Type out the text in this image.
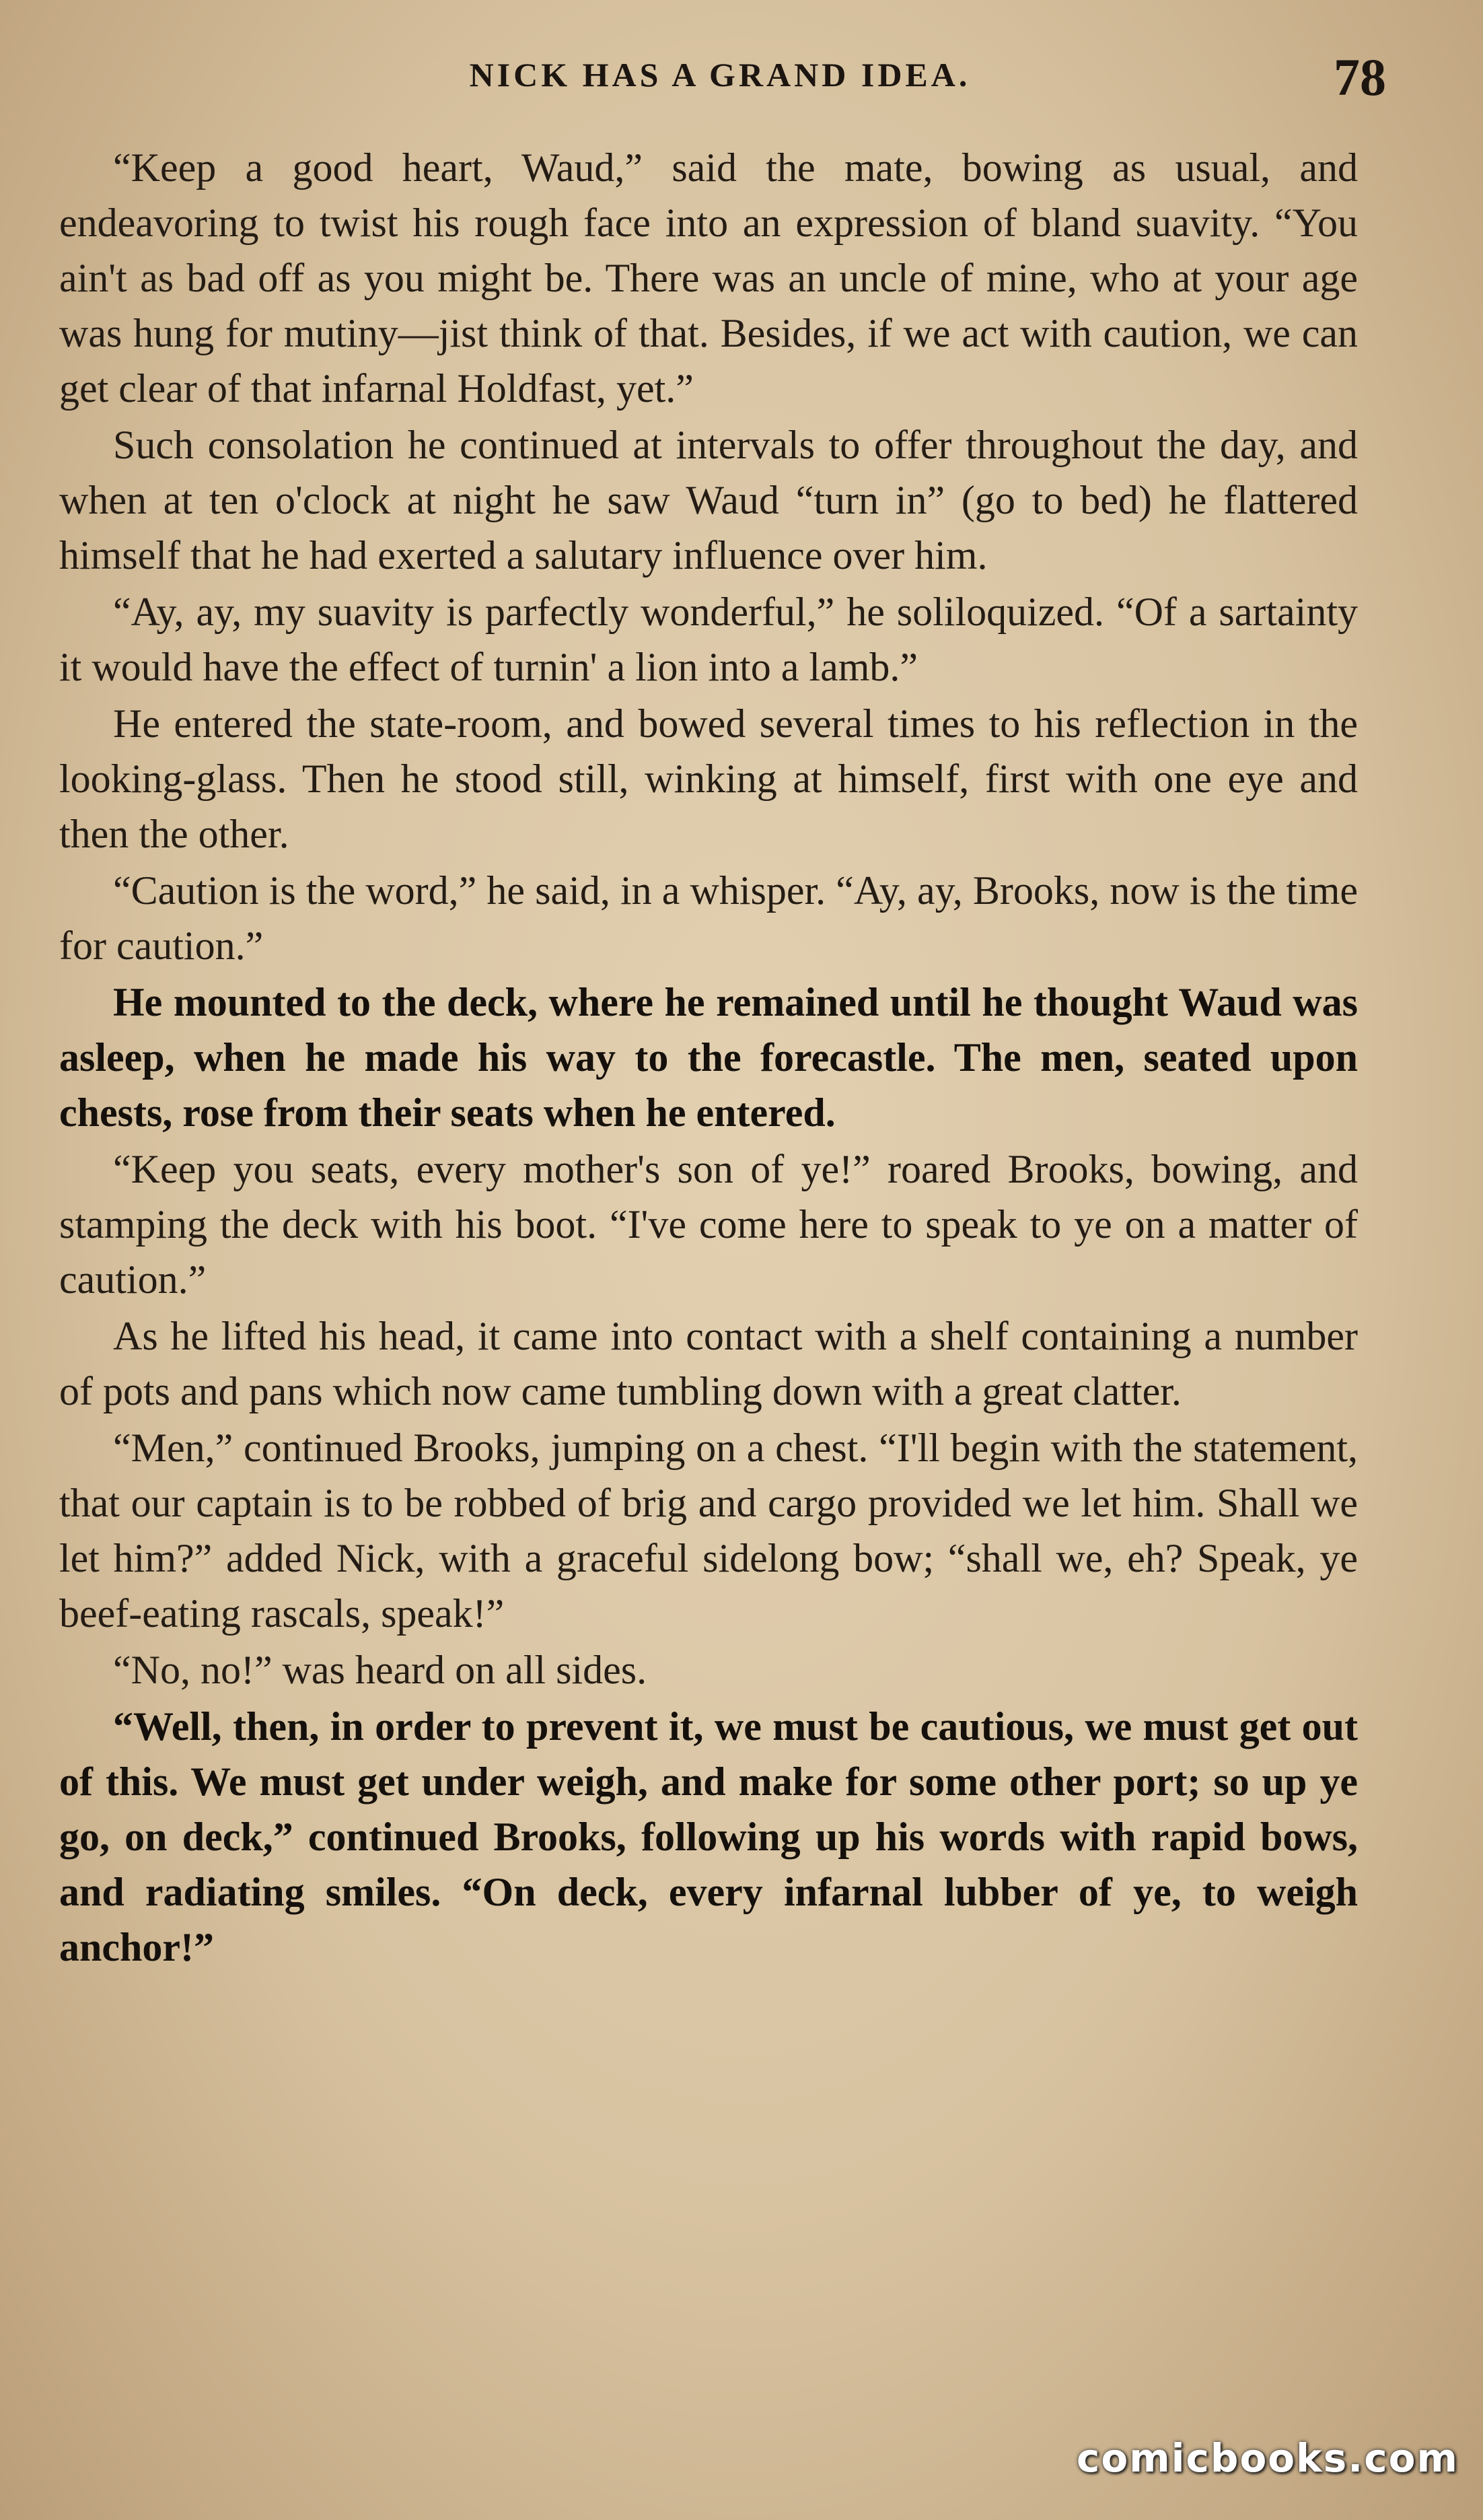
NICK HAS A GRAND IDEA.	78

“Keep a good heart, Waud,” said the mate, bowing as usual, and endeavoring to twist his rough face into an expression of bland suavity. “You ain't as bad off as you might be. There was an uncle of mine, who at your age was hung for mutiny—jist think of that. Besides, if we act with caution, we can get clear of that infarnal Holdfast, yet.”

Such consolation he continued at intervals to offer throughout the day, and when at ten o'clock at night he saw Waud “turn in” (go to bed) he flattered himself that he had exerted a salutary influence over him.

“Ay, ay, my suavity is parfectly wonderful,” he soliloquized. “Of a sartainty it would have the effect of turnin' a lion into a lamb.”

He entered the state-room, and bowed several times to his reflection in the looking-glass. Then he stood still, winking at himself, first with one eye and then the other.

“Caution is the word,” he said, in a whisper. “Ay, ay, Brooks, now is the time for caution.”

He mounted to the deck, where he remained until he thought Waud was asleep, when he made his way to the forecastle. The men, seated upon chests, rose from their seats when he entered.

“Keep you seats, every mother's son of ye!” roared Brooks, bowing, and stamping the deck with his boot. “I've come here to speak to ye on a matter of caution.”

As he lifted his head, it came into contact with a shelf containing a number of pots and pans which now came tumbling down with a great clatter.

“Men,” continued Brooks, jumping on a chest. “I'll begin with the statement, that our captain is to be robbed of brig and cargo provided we let him. Shall we let him?” added Nick, with a graceful sidelong bow; “shall we, eh? Speak, ye beef-eating rascals, speak!”

“No, no!” was heard on all sides.

“Well, then, in order to prevent it, we must be cautious, we must get out of this. We must get under weigh, and make for some other port; so up ye go, on deck,” continued Brooks, following up his words with rapid bows, and radiating smiles. “On deck, every infarnal lubber of ye, to weigh anchor!”

comicbooks.com
